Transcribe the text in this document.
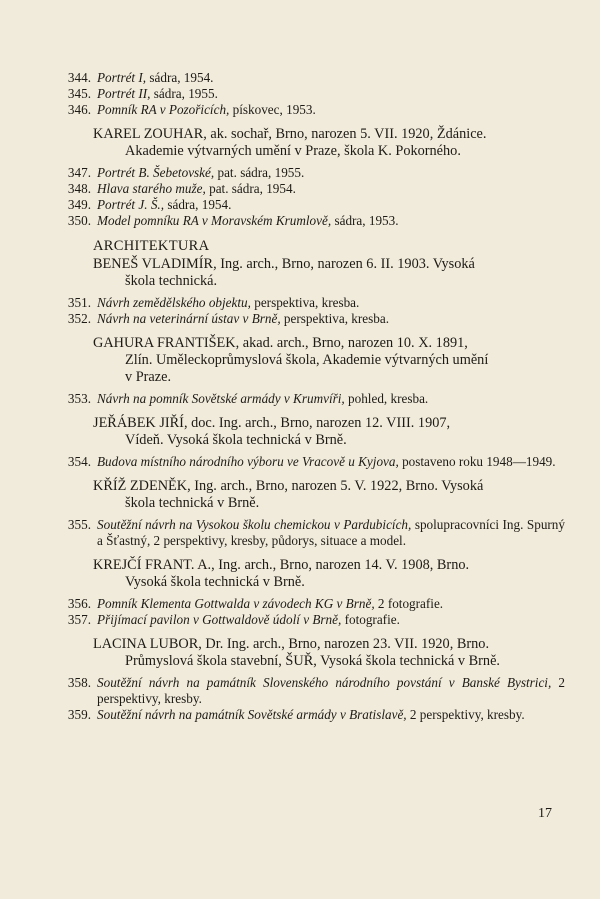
344. Portrét I, sádra, 1954.
345. Portrét II, sádra, 1955.
346. Pomník RA v Pozořicích, pískovec, 1953.
KAREL ZOUHAR, ak. sochař, Brno, narozen 5. VII. 1920, Ždánice.
Akademie výtvarných umění v Praze, škola K. Pokorného.
347. Portrét B. Šebetovské, pat. sádra, 1955.
348. Hlava starého muže, pat. sádra, 1954.
349. Portrét J. Š., sádra, 1954.
350. Model pomníku RA v Moravském Krumlově, sádra, 1953.
ARCHITEKTURA
BENEŠ VLADIMÍR, Ing. arch., Brno, narozen 6. II. 1903. Vysoká
škola technická.
351. Návrh zemědělského objektu, perspektiva, kresba.
352. Návrh na veterinární ústav v Brně, perspektiva, kresba.
GAHURA FRANTIŠEK, akad. arch., Brno, narozen 10. X. 1891,
Zlín. Uměleckoprůmyslová škola, Akademie výtvarných umění
v Praze.
353. Návrh na pomník Sovětské armády v Krumvíři, pohled, kresba.
JEŘÁBEK JIŘÍ, doc. Ing. arch., Brno, narozen 12. VIII. 1907,
Vídeň. Vysoká škola technická v Brně.
354. Budova místního národního výboru ve Vracově u Kyjova, postaveno roku 1948—1949.
KŘÍŽ ZDENĚK, Ing. arch., Brno, narozen 5. V. 1922, Brno. Vysoká
škola technická v Brně.
355. Soutěžní návrh na Vysokou školu chemickou v Pardubicích, spolupracovníci Ing. Spurný a Šťastný, 2 perspektivy, kresby, půdorys, situace a model.
KREJČÍ FRANT. A., Ing. arch., Brno, narozen 14. V. 1908, Brno.
Vysoká škola technická v Brně.
356. Pomník Klementa Gottwalda v závodech KG v Brně, 2 fotografie.
357. Přijímací pavilon v Gottwaldově údolí v Brně, fotografie.
LACINA LUBOR, Dr. Ing. arch., Brno, narozen 23. VII. 1920, Brno.
Průmyslová škola stavební, ŠUŘ, Vysoká škola technická v Brně.
358. Soutěžní návrh na památník Slovenského národního povstání v Banské Bystrici, 2 perspektivy, kresby.
359. Soutěžní návrh na památník Sovětské armády v Bratislavě, 2 perspektivy, kresby.
17
